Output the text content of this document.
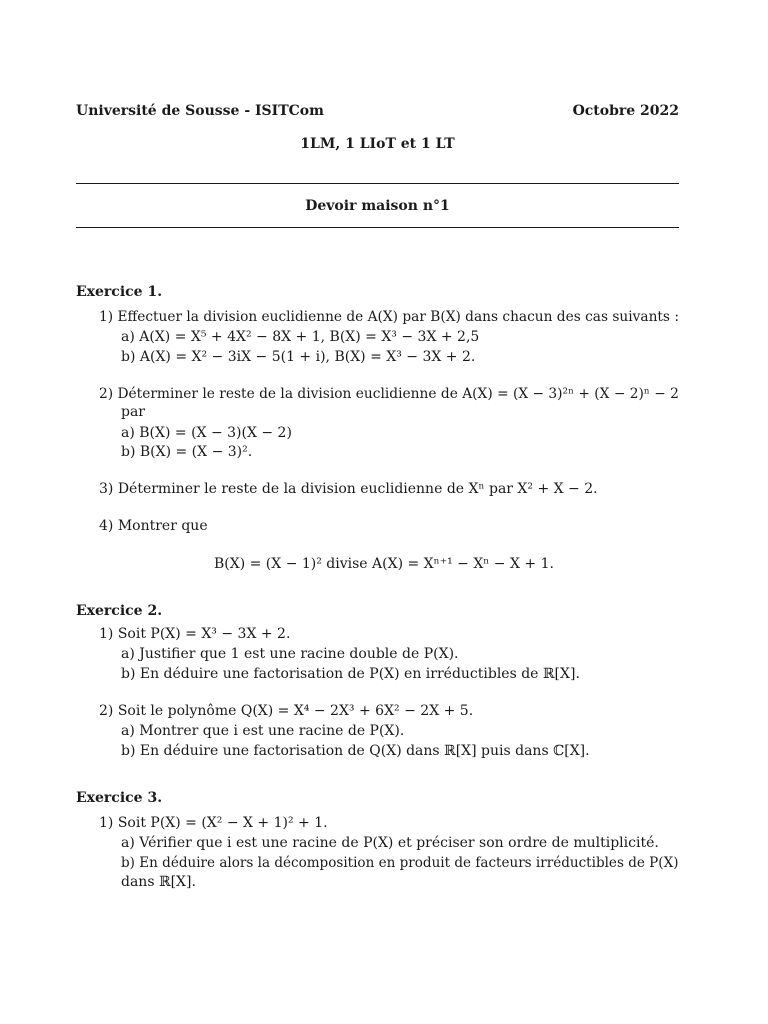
Université de Sousse - ISITCom	Octobre 2022
1LM, 1 LIoT et 1 LT
Devoir maison n°1
Exercice 1.
1) Effectuer la division euclidienne de A(X) par B(X) dans chacun des cas suivants :
a) A(X) = X⁵ + 4X² − 8X + 1, B(X) = X³ − 3X + 2,5
b) A(X) = X² − 3iX − 5(1 + i), B(X) = X³ − 3X + 2.
2) Déterminer le reste de la division euclidienne de A(X) = (X − 3)²ⁿ + (X − 2)ⁿ − 2
par
a) B(X) = (X − 3)(X − 2)
b) B(X) = (X − 3)².
3) Déterminer le reste de la division euclidienne de Xⁿ par X² + X − 2.
4) Montrer que
B(X) = (X − 1)² divise A(X) = Xⁿ⁺¹ − Xⁿ − X + 1.
Exercice 2.
1) Soit P(X) = X³ − 3X + 2.
a) Justifier que 1 est une racine double de P(X).
b) En déduire une factorisation de P(X) en irréductibles de ℝ[X].
2) Soit le polynôme Q(X) = X⁴ − 2X³ + 6X² − 2X + 5.
a) Montrer que i est une racine de P(X).
b) En déduire une factorisation de Q(X) dans ℝ[X] puis dans ℂ[X].
Exercice 3.
1) Soit P(X) = (X² − X + 1)² + 1.
a) Vérifier que i est une racine de P(X) et préciser son ordre de multiplicité.
b) En déduire alors la décomposition en produit de facteurs irréductibles de P(X)
dans ℝ[X].
